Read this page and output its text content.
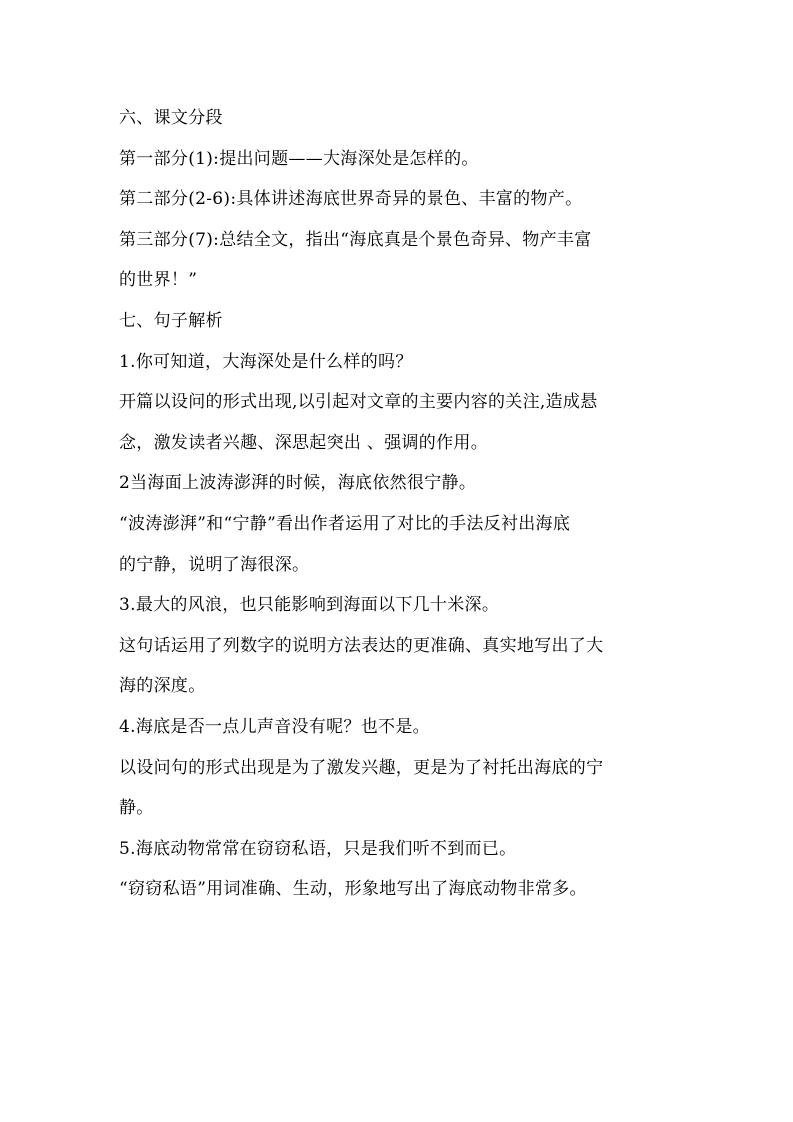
六、课文分段
第一部分(1):提出问题——大海深处是怎样的。
第二部分(2-6):具体讲述海底世界奇异的景色、丰富的物产。
第三部分(7):总结全文，指出“海底真是个景色奇异、物产丰富
的世界！”
七、句子解析
1.你可知道，大海深处是什么样的吗？
开篇以设问的形式出现,以引起对文章的主要内容的关注,造成悬
念，激发读者兴趣、深思起突出 、强调的作用。
2当海面上波涛澎湃的时候，海底依然很宁静。
“波涛澎湃”和“宁静”看出作者运用了对比的手法反衬出海底
的宁静，说明了海很深。
3.最大的风浪，也只能影响到海面以下几十米深。
这句话运用了列数字的说明方法表达的更准确、真实地写出了大
海的深度。
4.海底是否一点儿声音没有呢？也不是。
以设问句的形式出现是为了激发兴趣，更是为了衬托出海底的宁
静。
5.海底动物常常在窃窃私语，只是我们听不到而已。
“窃窃私语”用词准确、生动，形象地写出了海底动物非常多。
